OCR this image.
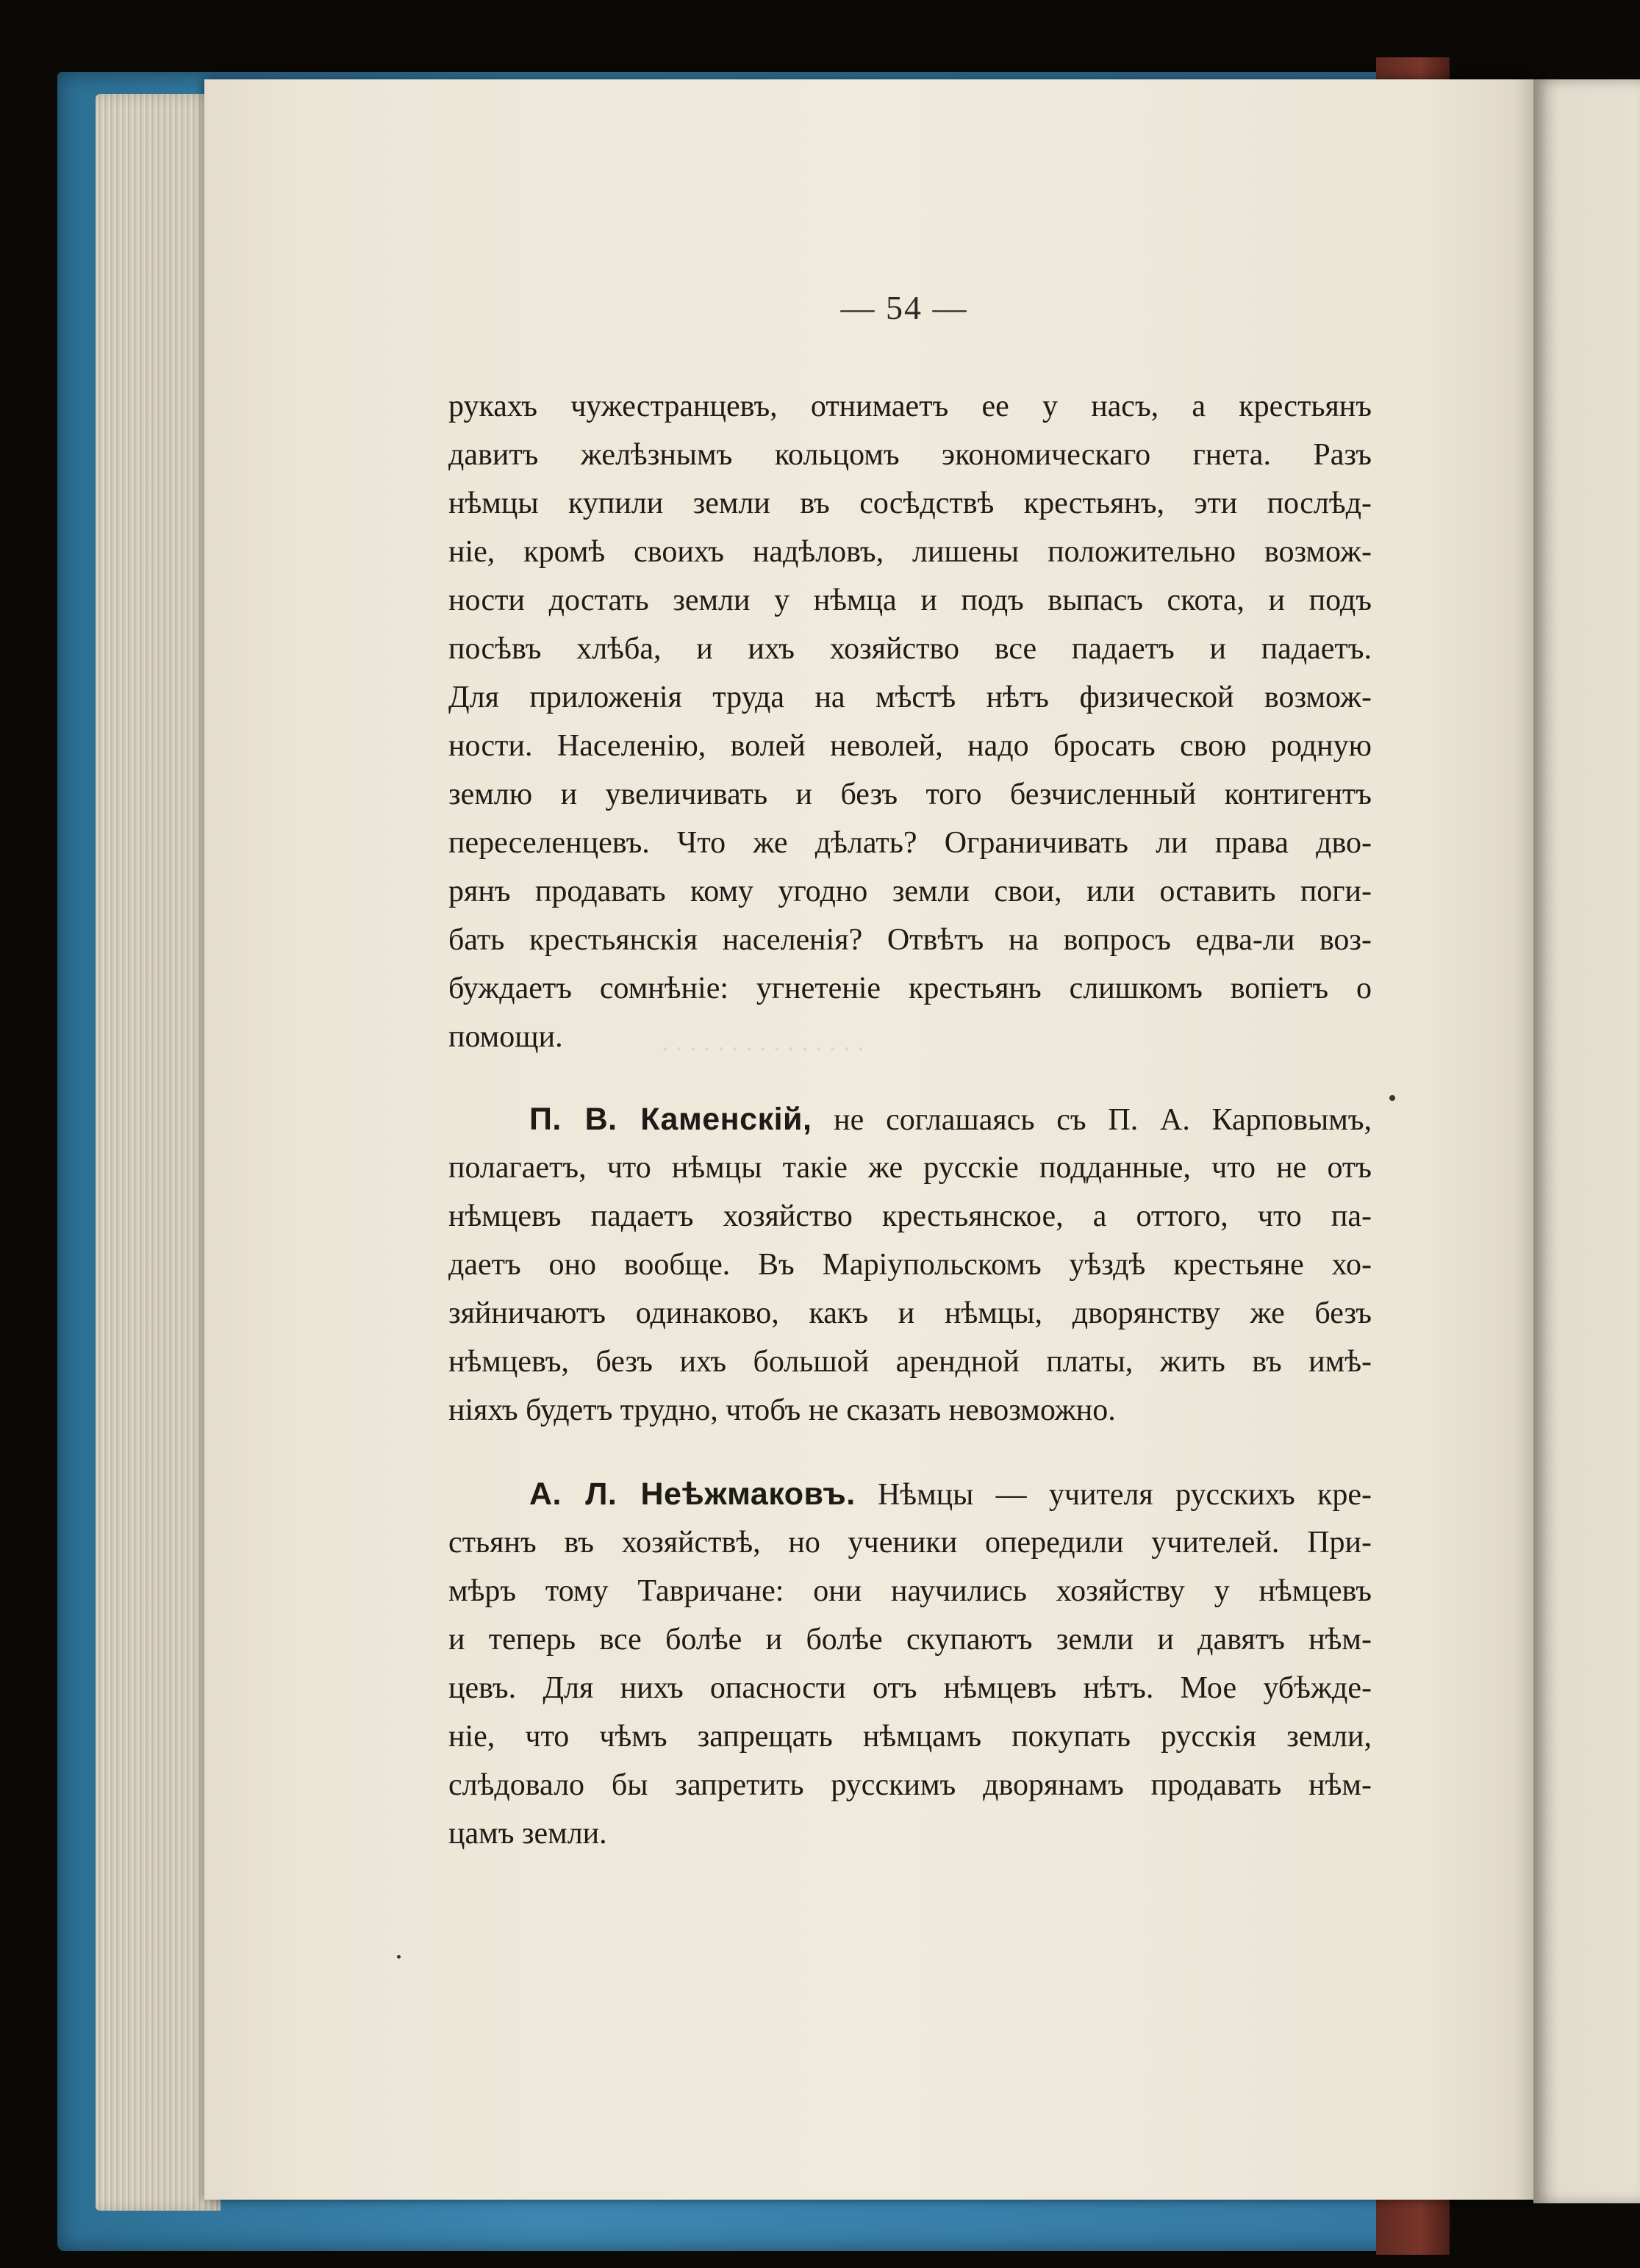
. . . . . . . . . . . . . . .
— 54 —
рукахъ чужестранцевъ, отнимаетъ ее у насъ, а крестьянъ
давитъ желѣзнымъ кольцомъ экономическаго гнета. Разъ
нѣмцы купили земли въ сосѣдствѣ крестьянъ, эти послѣд-
нiе, кромѣ своихъ надѣловъ, лишены положительно возмож-
ности достать земли у нѣмца и подъ выпасъ скота, и подъ
посѣвъ хлѣба, и ихъ хозяйство все падаетъ и падаетъ.
Для приложенiя труда на мѣстѣ нѣтъ физической возмож-
ности. Населенiю, волей неволей, надо бросать свою родную
землю и увеличивать и безъ того безчисленный контигентъ
переселенцевъ. Что же дѣлать? Ограничивать ли права дво-
рянъ продавать кому угодно земли свои, или оставить поги-
бать крестьянскiя населенiя? Отвѣтъ на вопросъ едва-ли воз-
буждаетъ сомнѣнiе: угнетенiе крестьянъ слишкомъ вопiетъ о
помощи.
П. В. Каменскiй, не соглашаясь съ П. А. Карповымъ,
полагаетъ, что нѣмцы такiе же русскiе подданные, что не отъ
нѣмцевъ падаетъ хозяйство крестьянское, а оттого, что па-
даетъ оно вообще. Въ Марiупольскомъ уѣздѣ крестьяне хо-
зяйничаютъ одинаково, какъ и нѣмцы, дворянству же безъ
нѣмцевъ, безъ ихъ большой арендной платы, жить въ имѣ-
нiяхъ будетъ трудно, чтобъ не сказать невозможно.
А. Л. Неѣжмаковъ. Нѣмцы — учителя русскихъ кре-
стьянъ въ хозяйствѣ, но ученики опередили учителей. При-
мѣръ тому Тавричане: они научились хозяйству у нѣмцевъ
и теперь все болѣе и болѣе скупаютъ земли и давятъ нѣм-
цевъ. Для нихъ опасности отъ нѣмцевъ нѣтъ. Мое убѣжде-
нiе, что чѣмъ запрещать нѣмцамъ покупать русскiя земли,
слѣдовало бы запретить русскимъ дворянамъ продавать нѣм-
цамъ земли.
